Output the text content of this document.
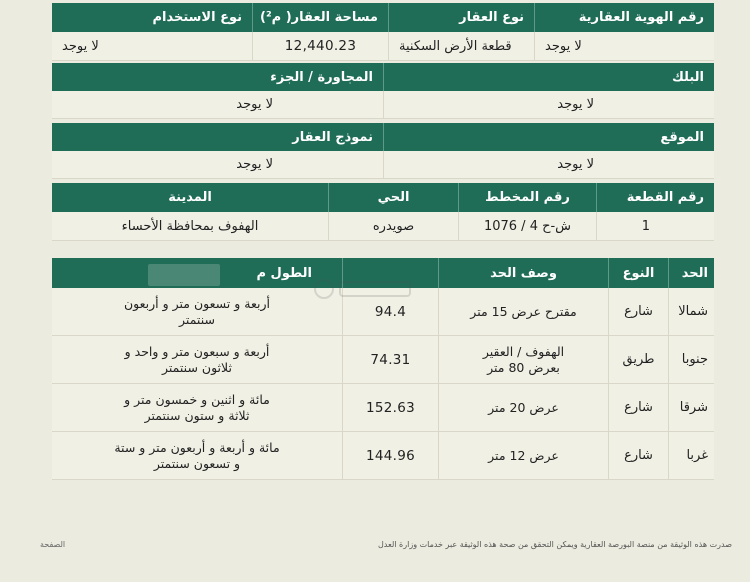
رقم الهوية العقارية
نوع العقار
مساحة العقار( م²)
نوع الاستخدام
لا يوجد
قطعة الأرض السكنية
12,440.23
لا يوجد
البلك
المجاورة / الجزء
لا يوجد
لا يوجد
الموقع
نموذج العقار
لا يوجد
لا يوجد
رقم القطعة
رقم المخطط
الحي
المدينة
1
ش-ح 4 / 1076
صويدره
الهفوف بمحافظة الأحساء
الحد
النوع
وصف الحد
الطول م
شمالا
شارع
مقترح عرض 15 متر
94.4
أربعة و تسعون متر و أربعون سنتمتر
جنوبا
طريق
الهفوف / العقير بعرض 80 متر
74.31
أربعة و سبعون متر و واحد و ثلاثون سنتمتر
شرقا
شارع
عرض 20 متر
152.63
مائة و اثنين و خمسون متر و ثلاثة و ستون سنتمتر
غربا
شارع
عرض 12 متر
144.96
مائة و أربعة و أربعون متر و ستة و تسعون سنتمتر
صدرت هذه الوثيقة من منصة البورصة العقارية ويمكن التحقق من صحة هذه الوثيقة عبر خدمات وزارة العدل
الصفحة
